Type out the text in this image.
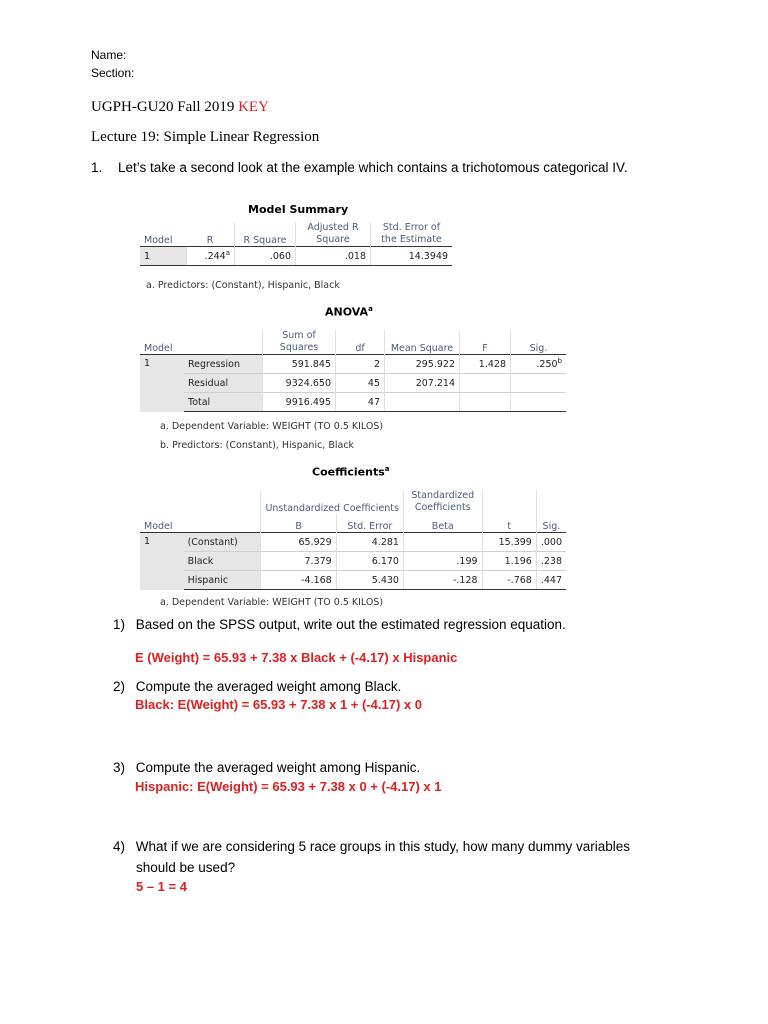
Name:
Section:
UGPH-GU20 Fall 2019 KEY
Lecture 19: Simple Linear Regression
1. Let’s take a second look at the example which contains a trichotomous categorical IV.
Model Summary
Model	R	R Square	Adjusted R Square	Std. Error of the Estimate
1	.244$^a$	.060	.018	14.3949
a. Predictors: (Constant), Hispanic, Black
ANOVA$^a$
Model		Sum of Squares	df	Mean Square	F	Sig.
1	Regression	591.845	2	295.922	1.428	.250$^b$
	Residual	9324.650	45	207.214		
	Total	9916.495	47			
a. Dependent Variable: WEIGHT (TO 0.5 KILOS)
b. Predictors: (Constant), Hispanic, Black
Coefficients$^a$
		Unstandardized Coefficients		Standardized Coefficients		
Model		B	Std. Error	Beta	t	Sig.
1	(Constant)	65.929	4.281		15.399	.000
	Black	7.379	6.170	.199	1.196	.238
	Hispanic	-4.168	5.430	-.128	-.768	.447
a. Dependent Variable: WEIGHT (TO 0.5 KILOS)
1) Based on the SPSS output, write out the estimated regression equation.
E (Weight) = 65.93 + 7.38 x Black + (-4.17) x Hispanic
2) Compute the averaged weight among Black.
Black: E(Weight) = 65.93 + 7.38 x 1 + (-4.17) x 0
3) Compute the averaged weight among Hispanic.
Hispanic: E(Weight) = 65.93 + 7.38 x 0 + (-4.17) x 1
4) What if we are considering 5 race groups in this study, how many dummy variables
should be used?
5 – 1 = 4
